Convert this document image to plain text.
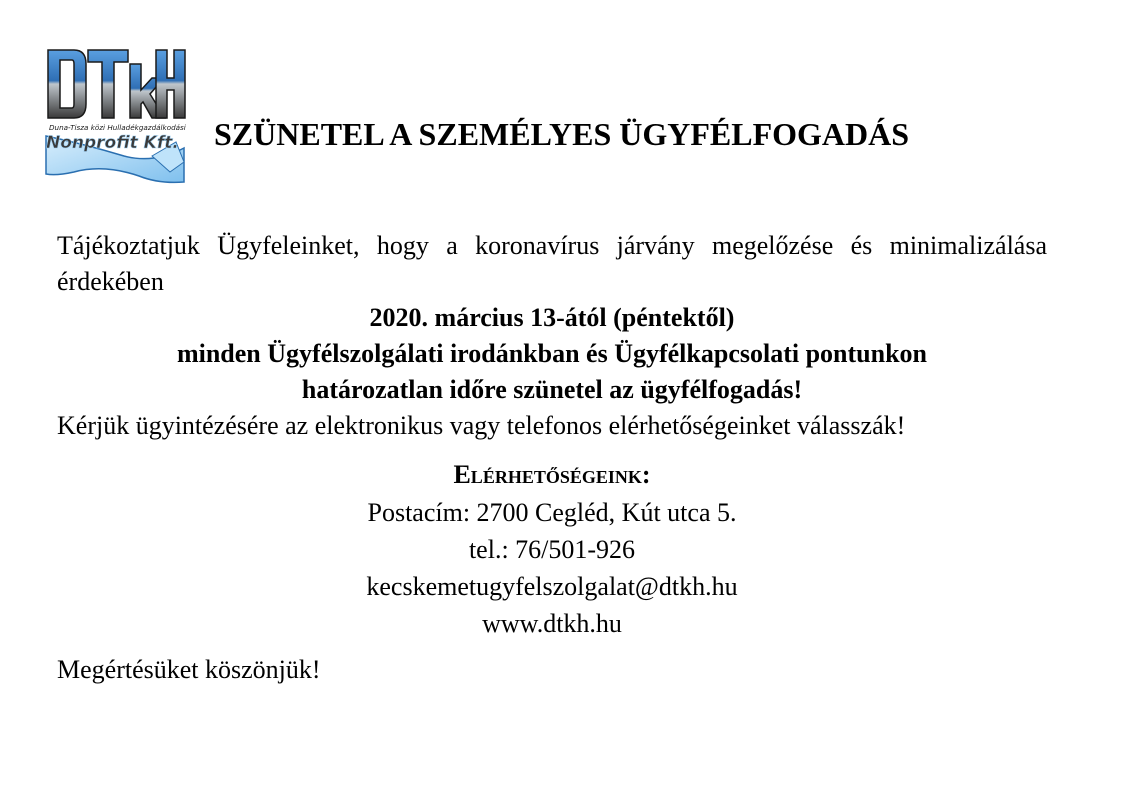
Duna-Tisza közi Hulladékgazdálkodási
Nonprofit Kft. SZÜNETEL A SZEMÉLYES ÜGYFÉLFOGADÁS

Tájékoztatjuk Ügyfeleinket, hogy a koronavírus járvány megelőzése és minimalizálása érdekében

2020. március 13-ától (péntektől)

minden Ügyfélszolgálati irodánkban és Ügyfélkapcsolati pontunkon

határozatlan időre szünetel az ügyfélfogadás!

Kérjük ügyintézésére az elektronikus vagy telefonos elérhetőségeinket válasszák!

Elérhetőségeink:
Postacím: 2700 Cegléd, Kút utca 5.
tel.: 76/501-926
kecskemetugyfelszolgalat@dtkh.hu
www.dtkh.hu

Megértésüket köszönjük!
